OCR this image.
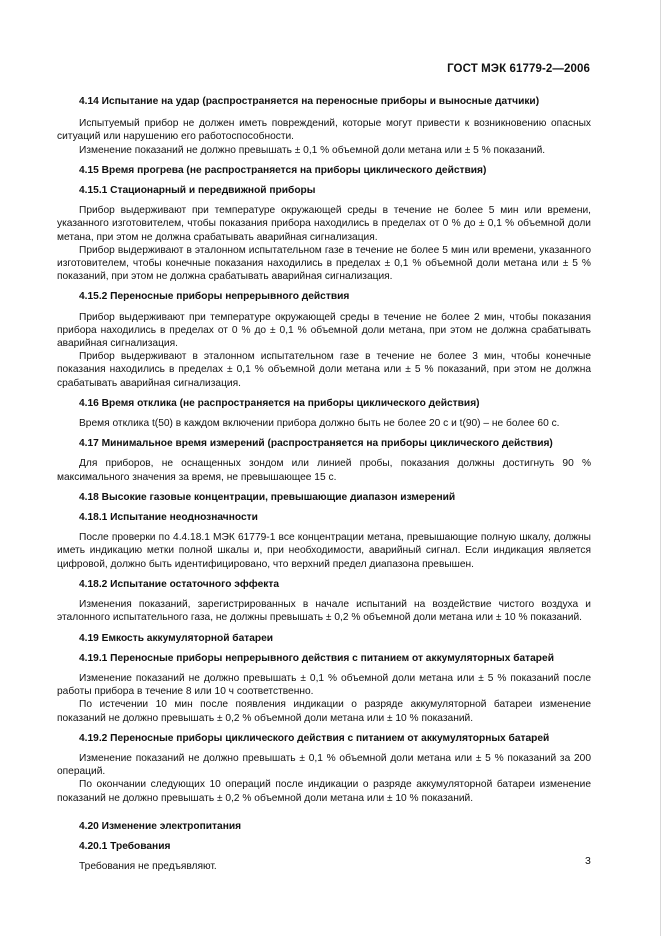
ГОСТ МЭК 61779-2—2006
4.14 Испытание на удар (распространяется на переносные приборы и выносные датчики)

Испытуемый прибор не должен иметь повреждений, которые могут привести к возникновению опасных ситуаций или нарушению его работоспособности.

Изменение показаний не должно превышать ± 0,1 % объемной доли метана или ± 5 % показаний.

4.15 Время прогрева (не распространяется на приборы циклического действия)
4.15.1 Стационарный и передвижной приборы

Прибор выдерживают при температуре окружающей среды в течение не более 5 мин или времени, указанного изготовителем, чтобы показания прибора находились в пределах от 0 % до ± 0,1 % объемной доли метана, при этом не должна срабатывать аварийная сигнализация.

Прибор выдерживают в эталонном испытательном газе в течение не более 5 мин или времени, указанного изготовителем, чтобы конечные показания находились в пределах ± 0,1 % объемной доли метана или ± 5 % показаний, при этом не должна срабатывать аварийная сигнализация.

4.15.2 Переносные приборы непрерывного действия

Прибор выдерживают при температуре окружающей среды в течение не более 2 мин, чтобы показания прибора находились в пределах от 0 % до ± 0,1 % объемной доли метана, при этом не должна срабатывать аварийная сигнализация.

Прибор выдерживают в эталонном испытательном газе в течение не более 3 мин, чтобы конечные показания находились в пределах ± 0,1 % объемной доли метана или ± 5 % показаний, при этом не должна срабатывать аварийная сигнализация.

4.16 Время отклика (не распространяется на приборы циклического действия)

Время отклика t(50) в каждом включении прибора должно быть не более 20 с и t(90) – не более 60 с.

4.17 Минимальное время измерений (распространяется на приборы циклического действия)

Для приборов, не оснащенных зондом или линией пробы, показания должны достигнуть 90 % максимального значения за время, не превышающее 15 с.

4.18 Высокие газовые концентрации, превышающие диапазон измерений
4.18.1 Испытание неоднозначности

После проверки по 4.4.18.1 МЭК 61779-1 все концентрации метана, превышающие полную шкалу, должны иметь индикацию метки полной шкалы и, при необходимости, аварийный сигнал. Если индикация является цифровой, должно быть идентифицировано, что верхний предел диапазона превышен.

4.18.2 Испытание остаточного эффекта

Изменения показаний, зарегистрированных в начале испытаний на воздействие чистого воздуха и эталонного испытательного газа, не должны превышать ± 0,2 % объемной доли метана или ± 10 % показаний.

4.19 Емкость аккумуляторной батареи
4.19.1 Переносные приборы непрерывного действия с питанием от аккумуляторных батарей

Изменение показаний не должно превышать ± 0,1 % объемной доли метана или ± 5 % показаний после работы прибора в течение 8 или 10 ч соответственно.

По истечении 10 мин после появления индикации о разряде аккумуляторной батареи изменение показаний не должно превышать ± 0,2 % объемной доли метана или ± 10 % показаний.

4.19.2 Переносные приборы циклического действия с питанием от аккумуляторных батарей

Изменение показаний не должно превышать ± 0,1 % объемной доли метана или ± 5 % показаний за 200 операций.

По окончании следующих 10 операций после индикации о разряде аккумуляторной батареи изменение показаний не должно превышать ± 0,2 % объемной доли метана или ± 10 % показаний.

4.20 Изменение электропитания
4.20.1 Требования

Требования не предъявляют.	3
